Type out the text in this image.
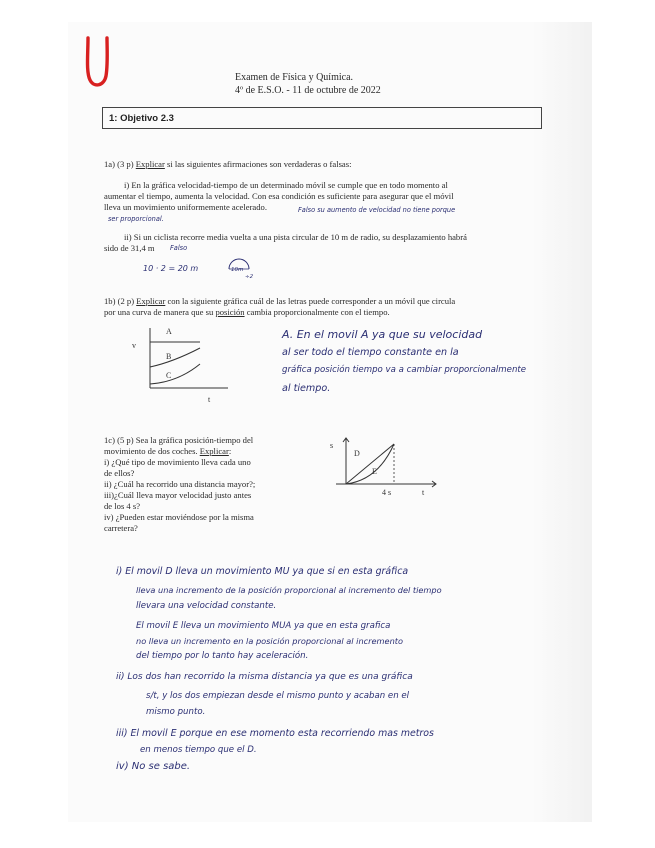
U
Examen de Física y Química.
4º de E.S.O. - 11 de octubre de 2022
1: Objetivo 2.3
1a) (3 p) Explicar si las siguientes afirmaciones son verdaderas o falsas:
i) En la gráfica velocidad-tiempo de un determinado móvil se cumple que en todo momento al
aumentar el tiempo, aumenta la velocidad. Con esa condición es suficiente para asegurar que el móvil
lleva un movimiento uniformemente acelerado.	Falso su aumento de velocidad no tiene porque
ser proporcional.
ii) Si un ciclista recorre media vuelta a una pista circular de 10 m de radio, su desplazamiento habrá
sido de 31,4 m Falso
10 · 2 = 20 m	10m
÷2
1b) (2 p) Explicar con la siguiente gráfica cuál de las letras puede corresponder a un móvil que circula
por una curva de manera que su posición cambia proporcionalmente con el tiempo.
v
t
A
B
C
A. En el movil A ya que su velocidad
al ser todo el tiempo constante en la
gráfica posición tiempo va a cambiar proporcionalmente
al tiempo.
1c) (5 p) Sea la gráfica posición-tiempo del
movimiento de dos coches. Explicar:
i) ¿Qué tipo de movimiento lleva cada uno
de ellos?
ii) ¿Cuál ha recorrido una distancia mayor?;
iii)¿Cuál lleva mayor velocidad justo antes
de los 4 s?
iv) ¿Pueden estar moviéndose por la misma
carretera?
s
D
E
4 s	t
i) El movil D lleva un movimiento MU ya que si en esta gráfica
lleva una incremento de la posición proporcional al incremento del tiempo
llevara una velocidad constante.
El movil E lleva un movimiento MUA ya que en esta grafica
no lleva un incremento en la posición proporcional al incremento
del tiempo por lo tanto hay aceleración.
ii) Los dos han recorrido la misma distancia ya que es una gráfica
s/t, y los dos empiezan desde el mismo punto y acaban en el
mismo punto.
iii) El movil E porque en ese momento esta recorriendo mas metros
en menos tiempo que el D.
iv) No se sabe.
